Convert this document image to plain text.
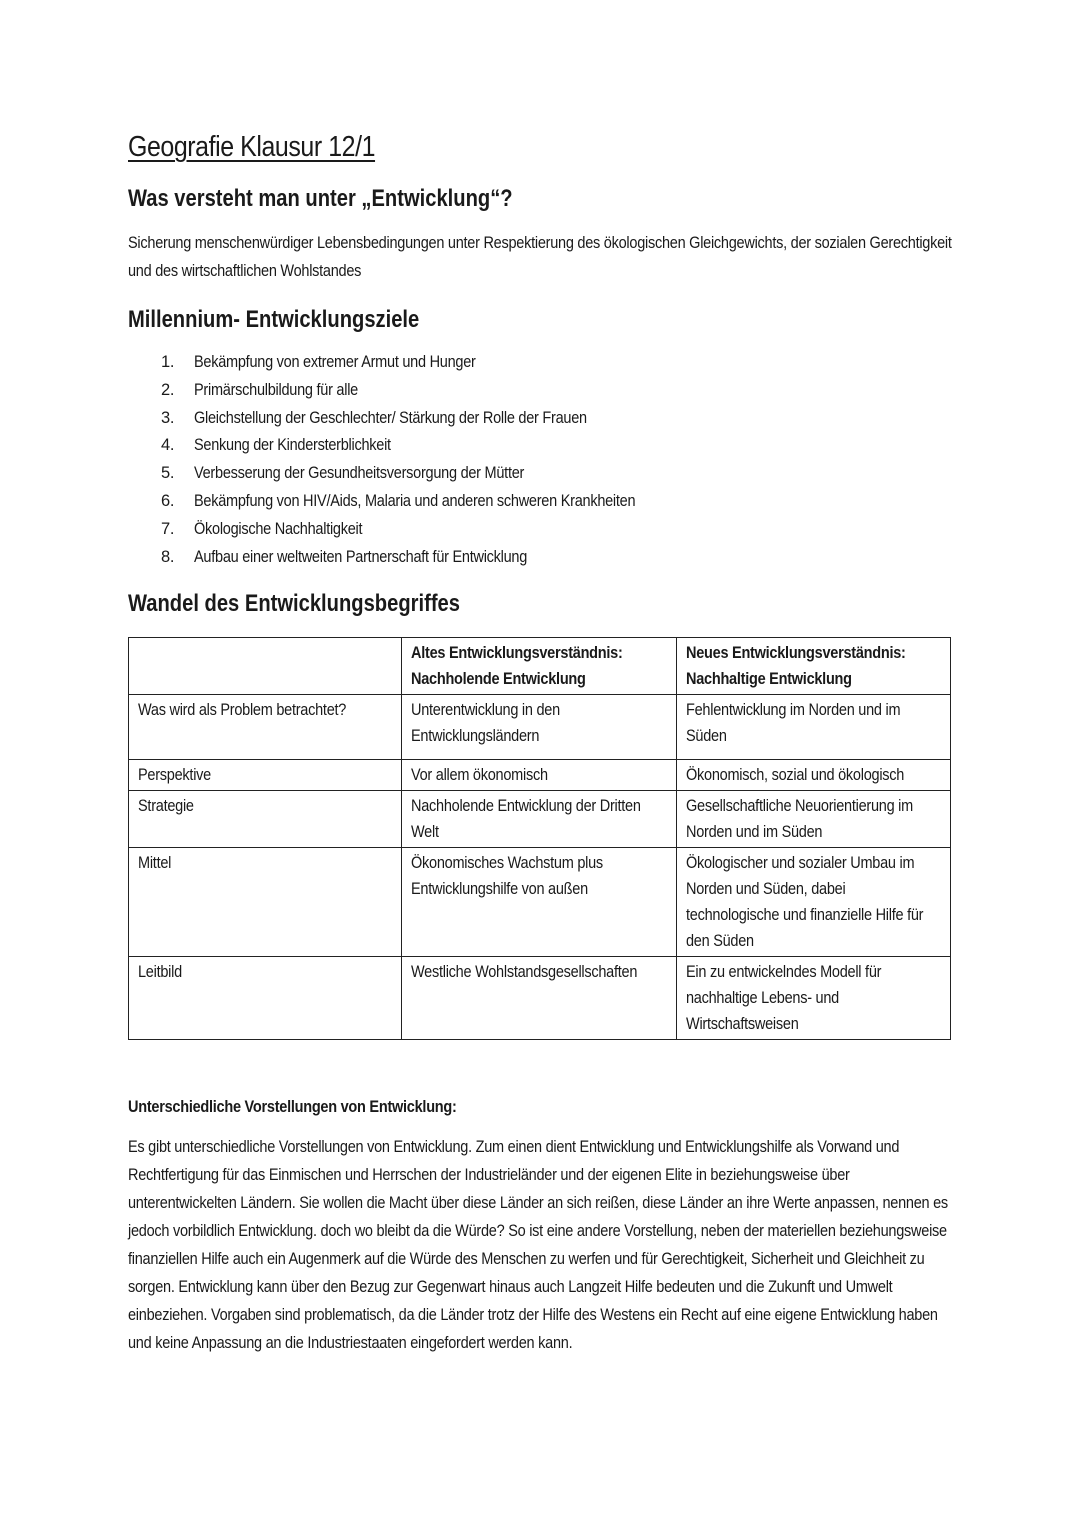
Geografie Klausur 12/1
Was versteht man unter „Entwicklung“?

Sicherung menschenwürdiger Lebensbedingungen unter Respektierung des ökologischen Gleichgewichts, der sozialen Gerechtigkeit und des wirtschaftlichen Wohlstandes

Millennium- Entwicklungsziele
1. Bekämpfung von extremer Armut und Hunger
2. Primärschulbildung für alle
3. Gleichstellung der Geschlechter/ Stärkung der Rolle der Frauen
4. Senkung der Kindersterblichkeit
5. Verbesserung der Gesundheitsversorgung der Mütter
6. Bekämpfung von HIV/Aids, Malaria und anderen schweren Krankheiten
7. Ökologische Nachhaltigkeit
8. Aufbau einer weltweiten Partnerschaft für Entwicklung
Wandel des Entwicklungsbegriffes

	Altes Entwicklungsverständnis: Nachholende Entwicklung	Neues Entwicklungsverständnis: Nachhaltige Entwicklung

Was wird als Problem betrachtet?	Unterentwicklung in den Entwicklungsländern	Fehlentwicklung im Norden und im Süden

Perspektive	Vor allem ökonomisch	Ökonomisch, sozial und ökologisch

Strategie	Nachholende Entwicklung der Dritten Welt	Gesellschaftliche Neuorientierung im Norden und im Süden

Mittel	Ökonomisches Wachstum plus Entwicklungshilfe von außen	Ökologischer und sozialer Umbau im Norden und Süden, dabei technologische und finanzielle Hilfe für den Süden

Leitbild	Westliche Wohlstandsgesellschaften	Ein zu entwickelndes Modell für nachhaltige Lebens- und Wirtschaftsweisen
Unterschiedliche Vorstellungen von Entwicklung:

Es gibt unterschiedliche Vorstellungen von Entwicklung. Zum einen dient Entwicklung und Entwicklungshilfe als Vorwand und Rechtfertigung für das Einmischen und Herrschen der Industrieländer und der eigenen Elite in beziehungsweise über unterentwickelten Ländern. Sie wollen die Macht über diese Länder an sich reißen, diese Länder an ihre Werte anpassen, nennen es jedoch vorbildlich Entwicklung. doch wo bleibt da die Würde? So ist eine andere Vorstellung, neben der materiellen beziehungsweise finanziellen Hilfe auch ein Augenmerk auf die Würde des Menschen zu werfen und für Gerechtigkeit, Sicherheit und Gleichheit zu sorgen. Entwicklung kann über den Bezug zur Gegenwart hinaus auch Langzeit Hilfe bedeuten und die Zukunft und Umwelt einbeziehen. Vorgaben sind problematisch, da die Länder trotz der Hilfe des Westens ein Recht auf eine eigene Entwicklung haben und keine Anpassung an die Industriestaaten eingefordert werden kann.
